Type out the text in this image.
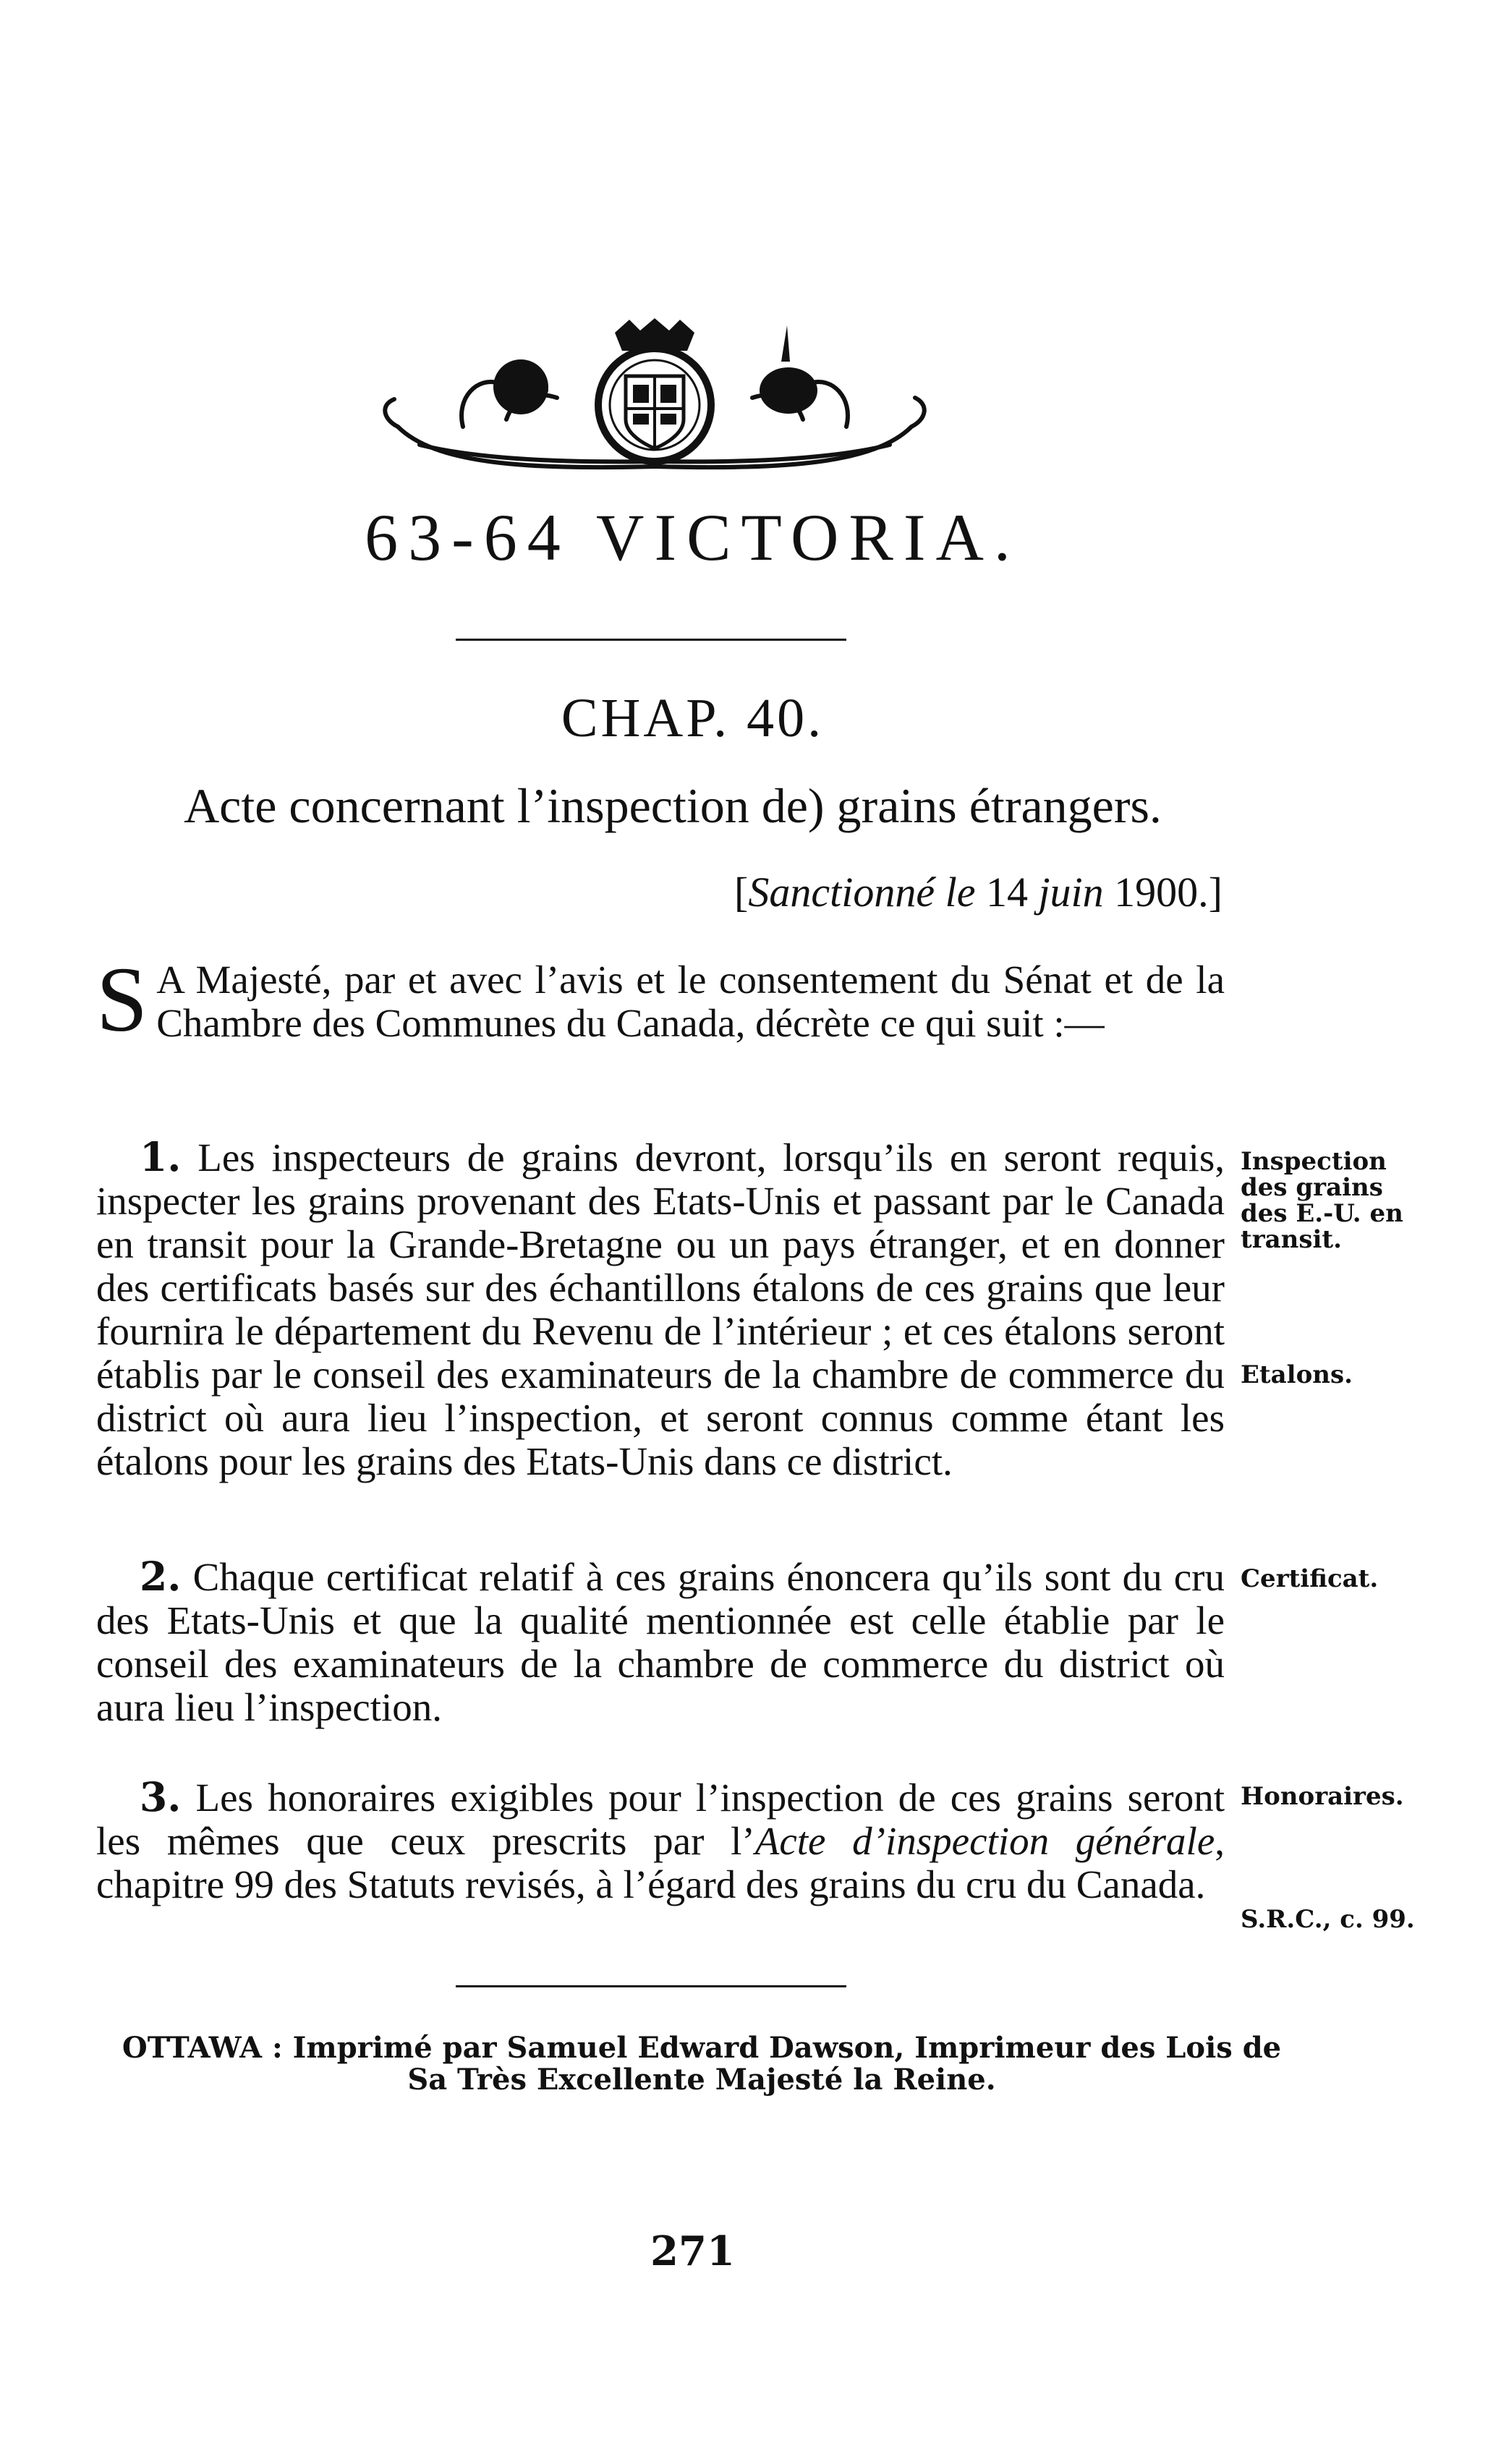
63-64 VICTORIA.
CHAP. 40.
Acte concernant l’inspection de) grains étrangers.
[Sanctionné le 14 juin 1900.]
S A Majesté, par et avec l’avis et le consentement du Sénat et de la Chambre des Communes du Canada, décrète ce qui suit :—
1. Les inspecteurs de grains devront, lorsqu’ils en seront requis, inspecter les grains provenant des Etats-Unis et passant par le Canada en transit pour la Grande-Bretagne ou un pays étranger, et en donner des certificats basés sur des échantillons étalons de ces grains que leur fournira le département du Revenu de l’intérieur ; et ces étalons seront établis par le conseil des examinateurs de la chambre de commerce du district où aura lieu l’inspection, et seront connus comme étant les étalons pour les grains des Etats-Unis dans ce district.
2. Chaque certificat relatif à ces grains énoncera qu’ils sont du cru des Etats-Unis et que la qualité mentionnée est celle établie par le conseil des examinateurs de la chambre de commerce du district où aura lieu l’inspection.
3. Les honoraires exigibles pour l’inspection de ces grains seront les mêmes que ceux prescrits par l’Acte d’inspection générale, chapitre 99 des Statuts revisés, à l’égard des grains du cru du Canada.
Inspection des grains des E.-U. en transit.
Etalons.
Certificat.
Honoraires.
S.R.C., c. 99.
OTTAWA : Imprimé par Samuel Edward Dawson, Imprimeur des Lois de
Sa Très Excellente Majesté la Reine.
271
